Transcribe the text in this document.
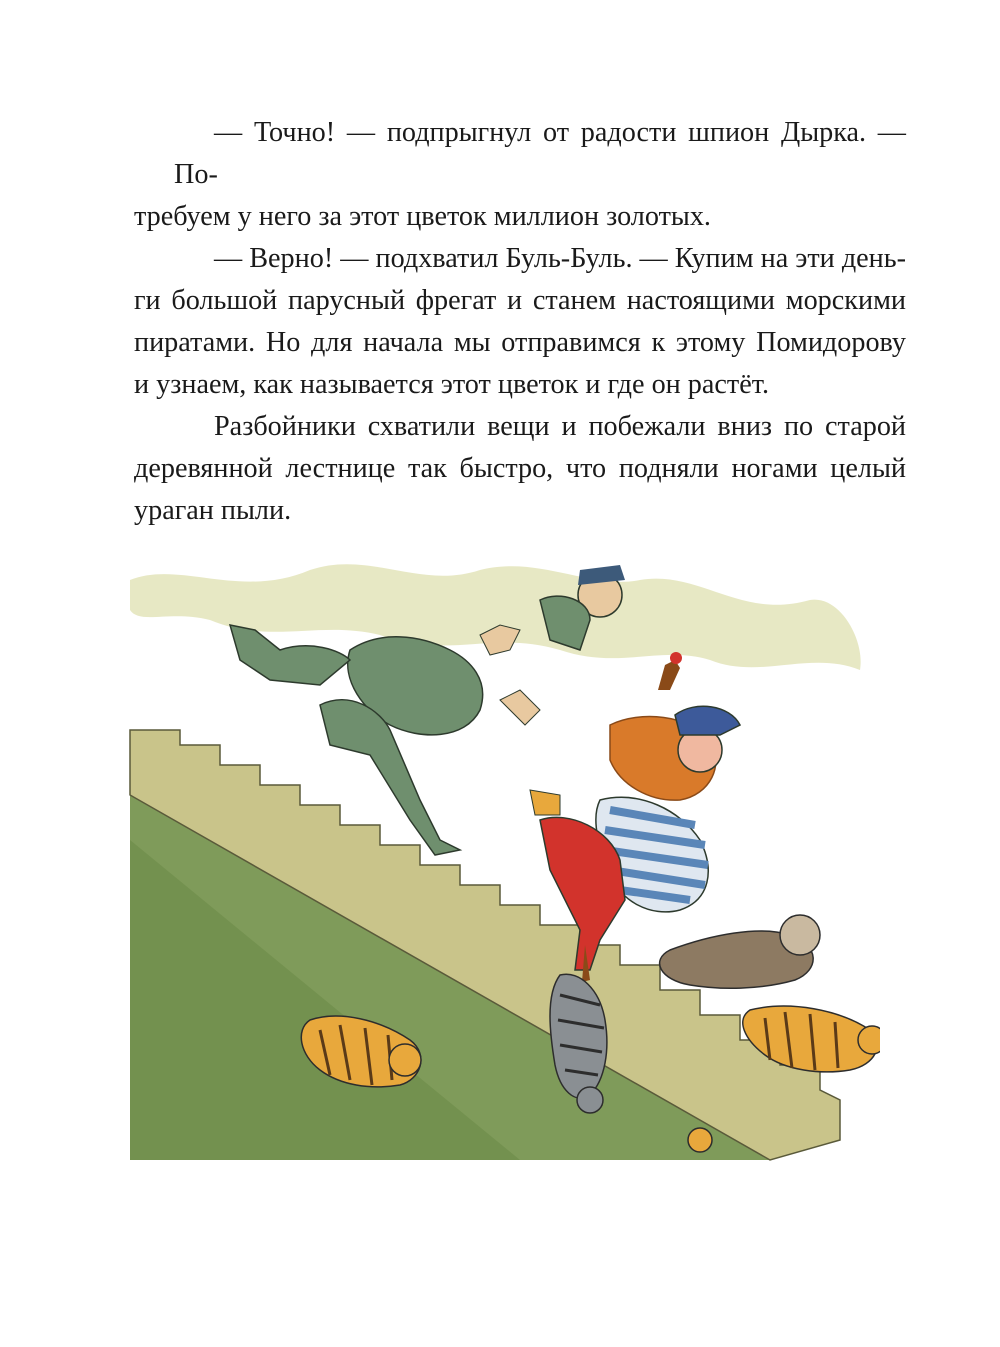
— Точно! — подпрыгнул от радости шпион Дырка. — По-
требуем у него за этот цветок миллион золотых.

— Верно! — подхватил Буль-Буль. — Купим на эти день-
ги большой парусный фрегат и станем настоящими морскими
пиратами. Но для начала мы отправимся к этому Помидорову
и узнаем, как называется этот цветок и где он растёт.

Разбойники схватили вещи и побежали вниз по старой
деревянной лестнице так быстро, что подняли ногами целый
ураган пыли.
